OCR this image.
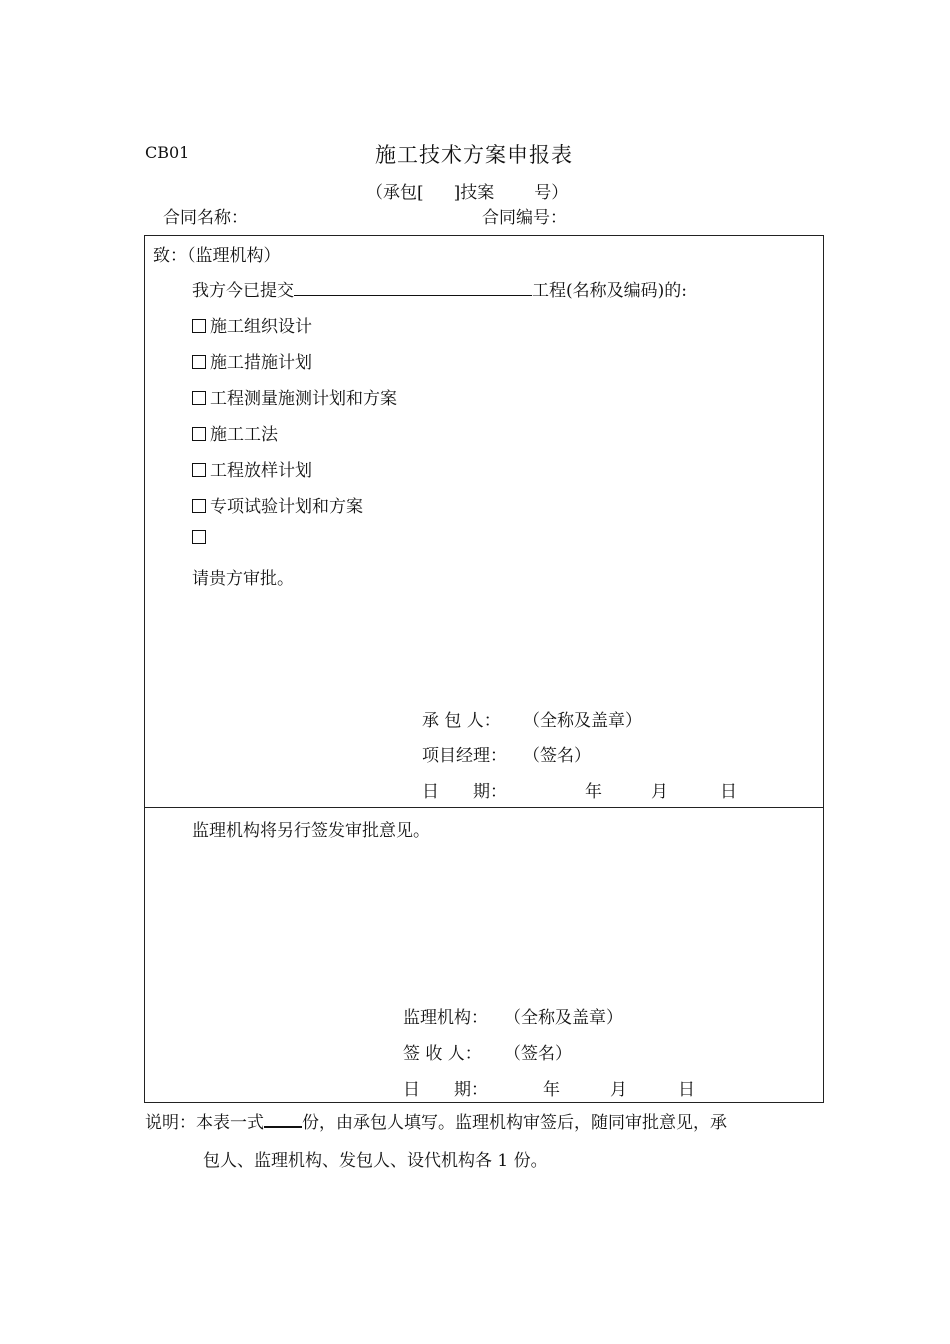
CB01	施工技术方案申报表
（承包[ ]技案 号）
合同名称：	合同编号：
致：（监理机构）
我方今已提交	工程(名称及编码)的:
施工组织设计
施工措施计划
工程测量施测计划和方案
施工工法
工程放样计划
专项试验计划和方案
请贵方审批。
承 包 人： （全称及盖章）
项目经理： （签名）
日　　期：	年	月	日
监理机构将另行签发审批意见。
监理机构： （全称及盖章）
签 收 人： （签名）
日　　期：	年	月	日
说明：本表一式 份，由承包人填写。监理机构审签后，随同审批意见，承
包人、监理机构、发包人、设代机构各 1 份。
